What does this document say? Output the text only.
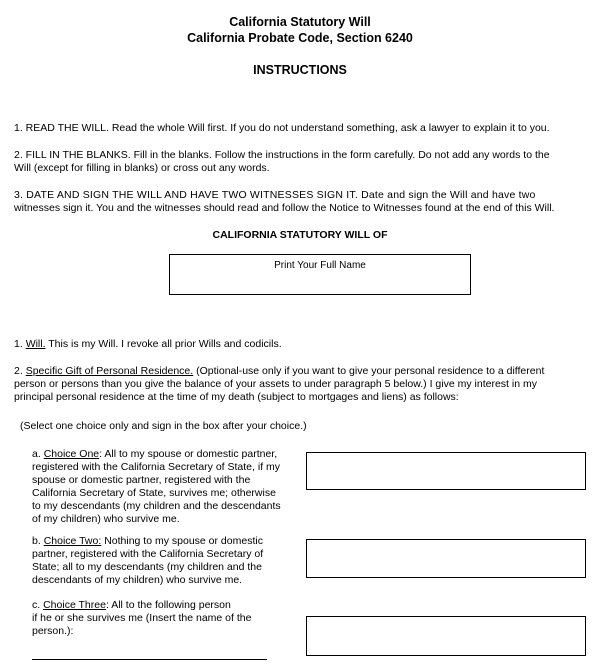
California Statutory Will
California Probate Code, Section 6240
INSTRUCTIONS
1. READ THE WILL. Read the whole Will first. If you do not understand something, ask a lawyer to explain it to you.
2. FILL IN THE BLANKS. Fill in the blanks. Follow the instructions in the form carefully. Do not add any words to the
Will (except for filling in blanks) or cross out any words.
3. DATE AND SIGN THE WILL AND HAVE TWO WITNESSES SIGN IT. Date and sign the Will and have two
witnesses sign it. You and the witnesses should read and follow the Notice to Witnesses found at the end of this Will.
CALIFORNIA STATUTORY WILL OF
Print Your Full Name
1. Will. This is my Will. I revoke all prior Wills and codicils.
2. Specific Gift of Personal Residence. (Optional-use only if you want to give your personal residence to a different
person or persons than you give the balance of your assets to under paragraph 5 below.) I give my interest in my
principal personal residence at the time of my death (subject to mortgages and liens) as follows:
(Select one choice only and sign in the box after your choice.)
a. Choice One: All to my spouse or domestic partner,
registered with the California Secretary of State, if my
spouse or domestic partner, registered with the
California Secretary of State, survives me; otherwise
to my descendants (my children and the descendants
of my children) who survive me.
b. Choice Two: Nothing to my spouse or domestic
partner, registered with the California Secretary of
State; all to my descendants (my children and the
descendants of my children) who survive me.
c. Choice Three: All to the following person
if he or she survives me (Insert the name of the
person.):
